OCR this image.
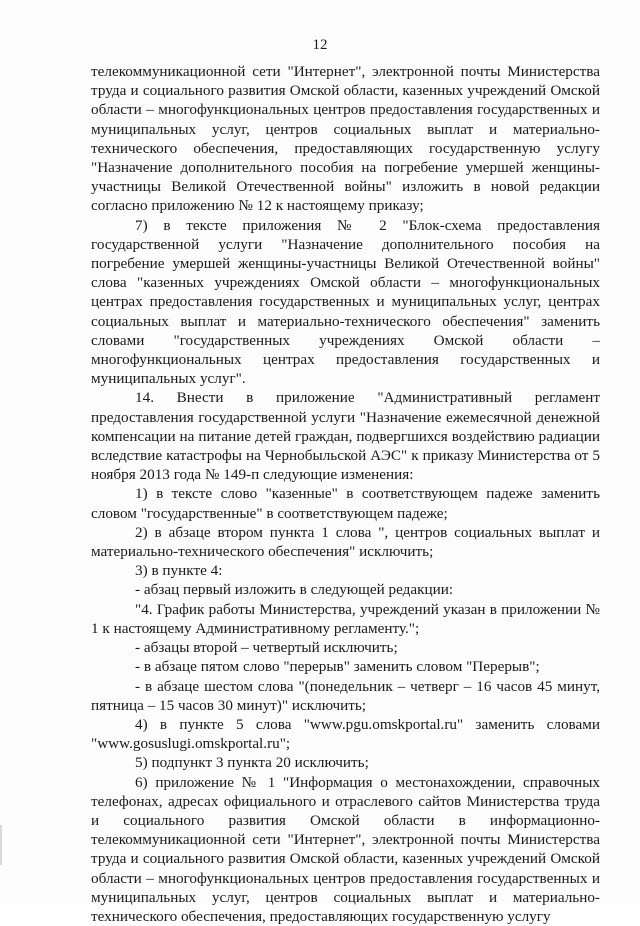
12

телекоммуникационной сети "Интернет", электронной почты Министерства труда и социального развития Омской области, казенных учреждений Омской области – многофункциональных центров предоставления государственных и муниципальных услуг, центров социальных выплат и материально-технического обеспечения, предоставляющих государственную услугу "Назначение дополнительного пособия на погребение умершей женщины-участницы Великой Отечественной войны" изложить в новой редакции согласно приложению № 12 к настоящему приказу;

7) в тексте приложения № 2 "Блок-схема предоставления государственной услуги "Назначение дополнительного пособия на погребение умершей женщины-участницы Великой Отечественной войны" слова "казенных учреждениях Омской области – многофункциональных центрах предоставления государственных и муниципальных услуг, центрах социальных выплат и материально-технического обеспечения" заменить словами "государственных учреждениях Омской области – многофункциональных центрах предоставления государственных и муниципальных услуг".

14. Внести в приложение "Административный регламент предоставления государственной услуги "Назначение ежемесячной денежной компенсации на питание детей граждан, подвергшихся воздействию радиации вследствие катастрофы на Чернобыльской АЭС" к приказу Министерства от 5 ноября 2013 года № 149-п следующие изменения:

1) в тексте слово "казенные" в соответствующем падеже заменить словом "государственные" в соответствующем падеже;

2) в абзаце втором пункта 1 слова ", центров социальных выплат и материально-технического обеспечения" исключить;

3) в пункте 4:

- абзац первый изложить в следующей редакции:

"4. График работы Министерства, учреждений указан в приложении № 1 к настоящему Административному регламенту.";

- абзацы второй – четвертый исключить;

- в абзаце пятом слово "перерыв" заменить словом "Перерыв";

- в абзаце шестом слова "(понедельник – четверг – 16 часов 45 минут, пятница – 15 часов 30 минут)" исключить;

4) в пункте 5 слова "www.pgu.omskportal.ru" заменить словами "www.gosuslugi.omskportal.ru";

5) подпункт 3 пункта 20 исключить;

6) приложение № 1 "Информация о местонахождении, справочных телефонах, адресах официального и отраслевого сайтов Министерства труда и социального развития Омской области в информационно-телекоммуникационной сети "Интернет", электронной почты Министерства труда и социального развития Омской области, казенных учреждений Омской области – многофункциональных центров предоставления государственных и муниципальных услуг, центров социальных выплат и материально-технического обеспечения, предоставляющих государственную услугу
